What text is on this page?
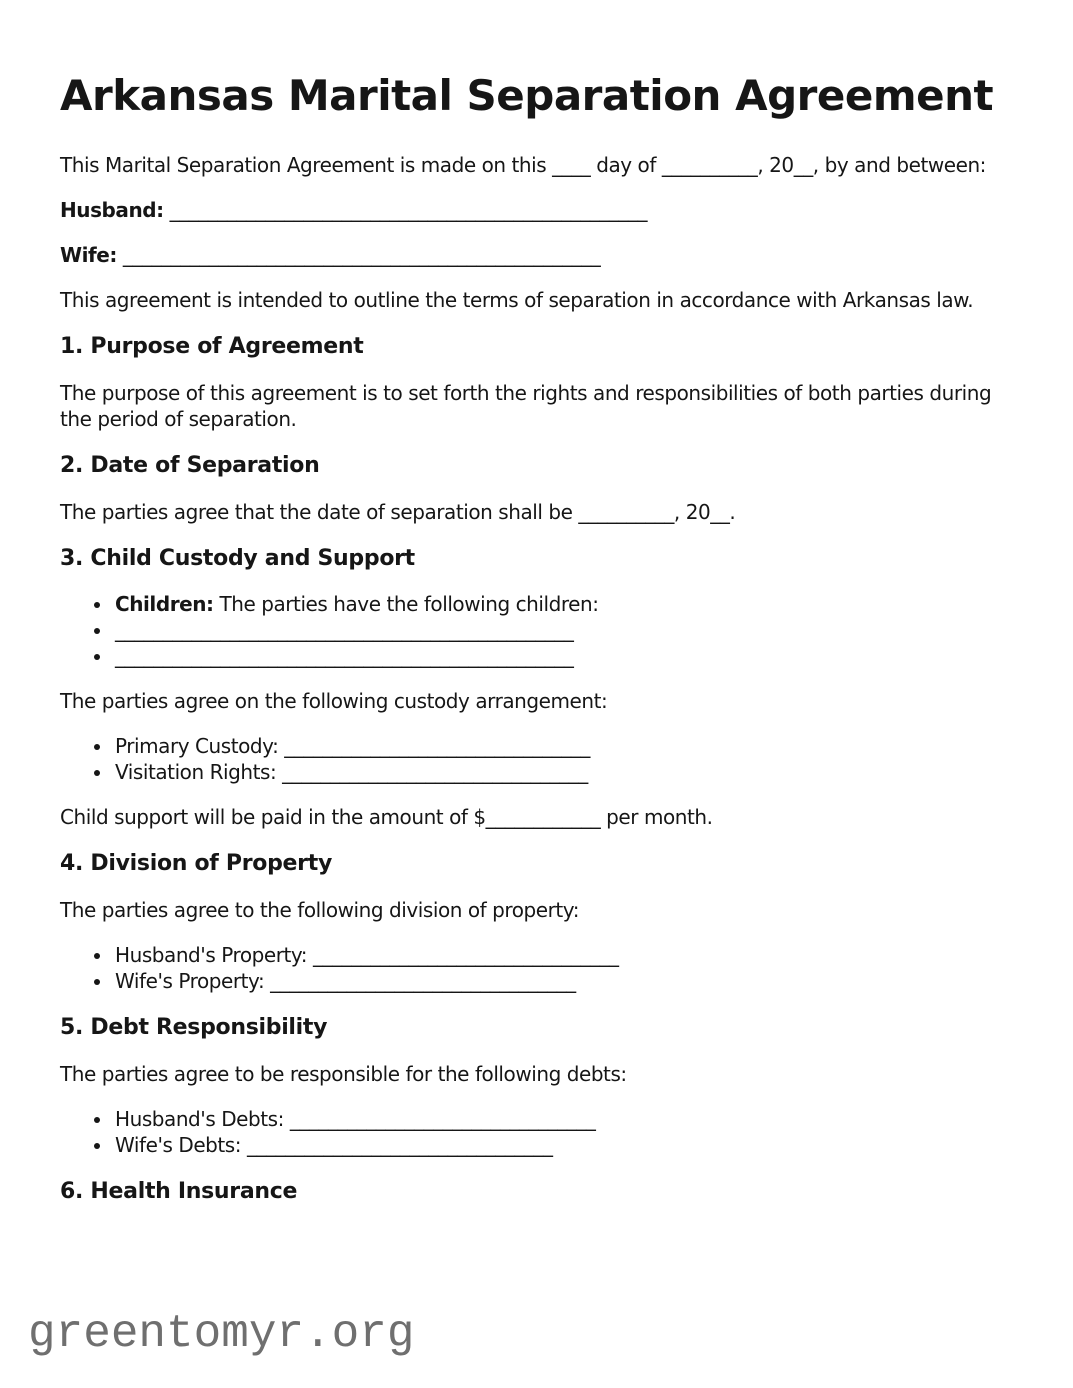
Arkansas Marital Separation Agreement

This Marital Separation Agreement is made on this ____ day of __________, 20__, by and between:

Husband: __________________________________________________

Wife: __________________________________________________

This agreement is intended to outline the terms of separation in accordance with Arkansas law.

1. Purpose of Agreement

The purpose of this agreement is to set forth the rights and responsibilities of both parties during the period of separation.

2. Date of Separation

The parties agree that the date of separation shall be __________, 20__.

3. Child Custody and Support
• Children: The parties have the following children:
• ________________________________________________
• ________________________________________________

The parties agree on the following custody arrangement:

• Primary Custody: ________________________________
• Visitation Rights: ________________________________

Child support will be paid in the amount of $____________ per month.

4. Division of Property

The parties agree to the following division of property:

• Husband's Property: ________________________________
• Wife's Property: ________________________________
5. Debt Responsibility

The parties agree to be responsible for the following debts:

• Husband's Debts: ________________________________
• Wife's Debts: ________________________________
6. Health Insurance
greentomyr.org
